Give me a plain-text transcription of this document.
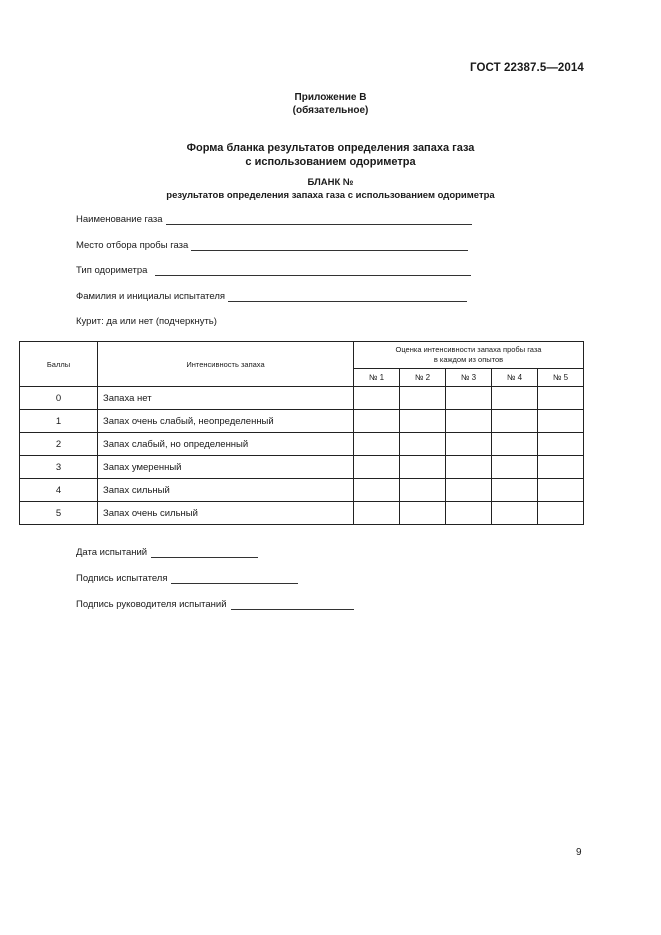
ГОСТ 22387.5—2014
Приложение В
(обязательное)
Форма бланка результатов определения запаха газа
с использованием одориметра
БЛАНК №
результатов определения запаха газа с использованием одориметра
Наименование газа
Место отбора пробы газа
Тип одориметра
Фамилия и инициалы испытателя
Курит: да или нет (подчеркнуть)
Баллы	Интенсивность запаха	Оценка интенсивности запаха пробы газа
в каждом из опытов				

		№ 1	№ 2	№ 3	№ 4	№ 5
0	Запаха нет					
1	Запах очень слабый, неопределенный					
2	Запах слабый, но определенный					
3	Запах умеренный					
4	Запах сильный					
5	Запах очень сильный					
Дата испытаний
Подпись испытателя
Подпись руководителя испытаний
9
